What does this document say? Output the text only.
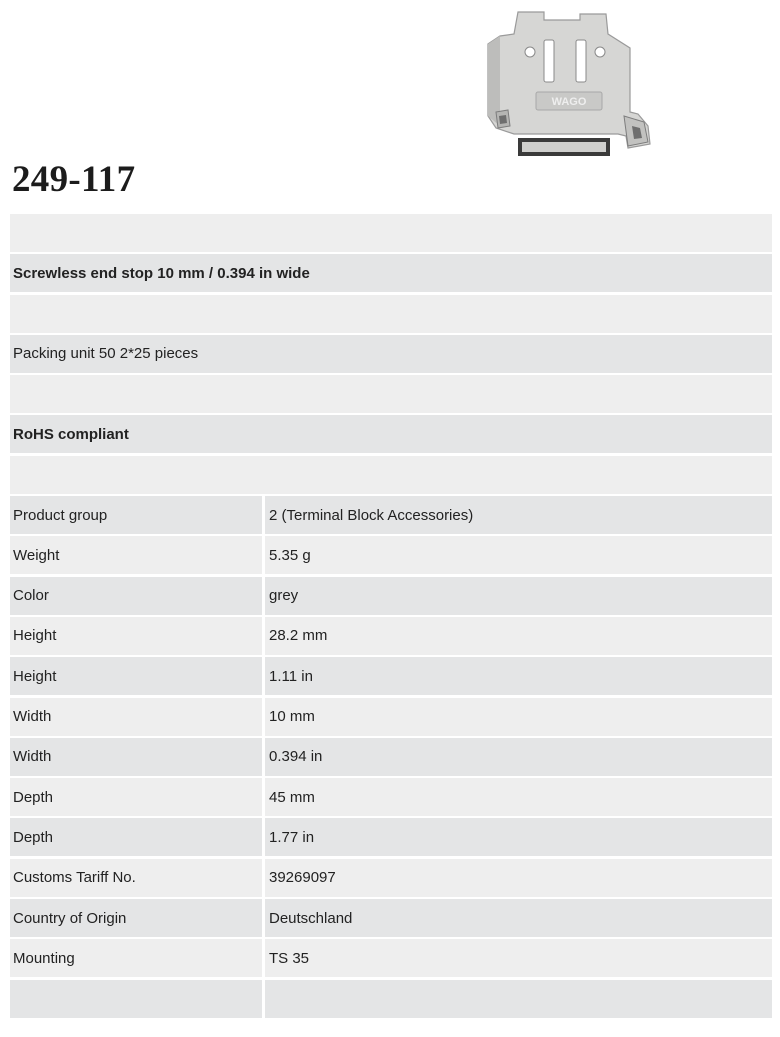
WAGO
249-117
Screwless end stop 10 mm / 0.394 in wide
Packing unit 50 2*25 pieces
RoHS compliant
Product group	2 (Terminal Block Accessories)
Weight	5.35 g
Color	grey
Height	28.2 mm
Height	1.11 in
Width	10 mm
Width	0.394 in
Depth	45 mm
Depth	1.77 in
Customs Tariff No.	39269097
Country of Origin	Deutschland
Mounting	TS 35
